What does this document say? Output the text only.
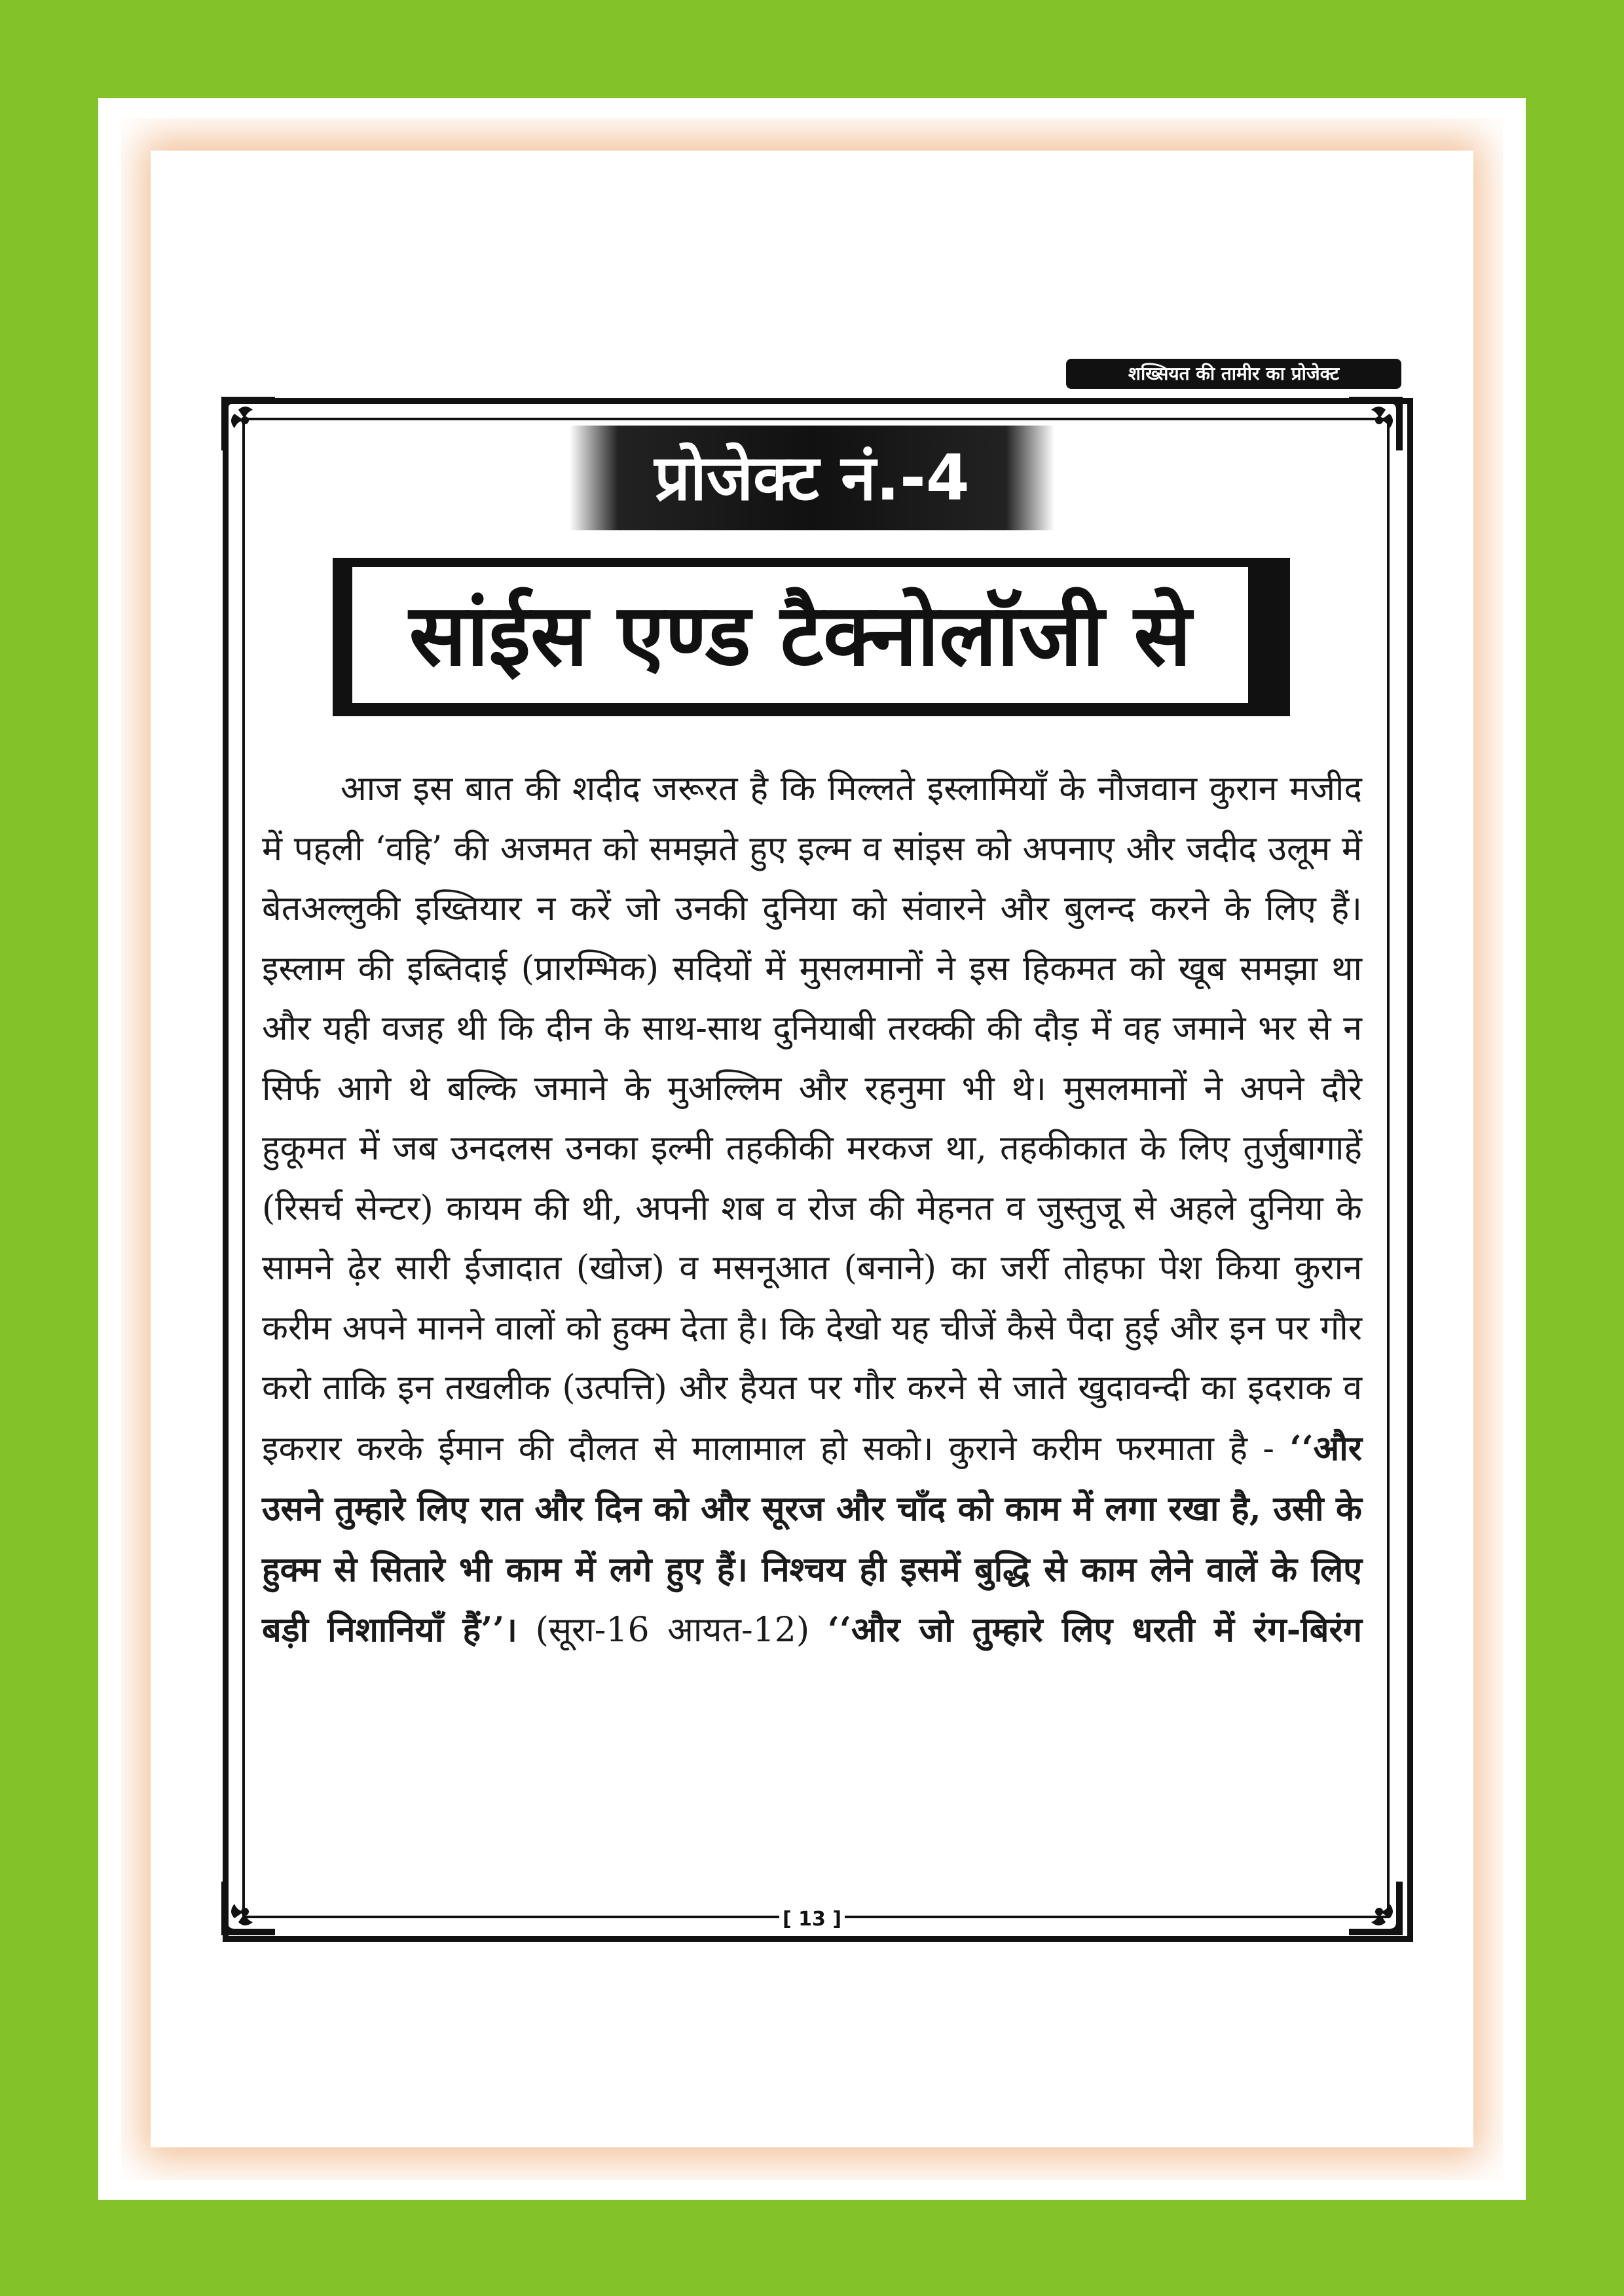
शख्सियत की तामीर का प्रोजेक्ट
प्रोजेक्ट नं.-4
सांईस एण्ड टैक्नोलॉजी से

आज इस बात की शदीद जरूरत है कि मिल्लते इस्लामियाँ के नौजवान कुरान मजीद में पहली ‘वहि’ की अजमत को समझते हुए इल्म व सांइस को अपनाए और जदीद उलूम में बेतअल्लुकी इख्तियार न करें जो उनकी दुनिया को संवारने और बुलन्द करने के लिए हैं। इस्लाम की इब्तिदाई (प्रारम्भिक) सदियों में मुसलमानों ने इस हिकमत को खूब समझा था और यही वजह थी कि दीन के साथ-साथ दुनियाबी तरक्की की दौड़ में वह जमाने भर से न सिर्फ आगे थे बल्कि जमाने के मुअल्लिम और रहनुमा भी थे। मुसलमानों ने अपने दौरे हुकूमत में जब उनदलस उनका इल्मी तहकीकी मरकज था, तहकीकात के लिए तुर्जुबागाहें (रिसर्च सेन्टर) कायम की थी, अपनी शब व रोज की मेहनत व जुस्तुजू से अहले दुनिया के सामने ढ़ेर सारी ईजादात (खोज) व मसनूआत (बनाने) का जर्री तोहफा पेश किया कुरान करीम अपने मानने वालों को हुक्म देता है। कि देखो यह चीजें कैसे पैदा हुई और इन पर गौर करो ताकि इन तखलीक (उत्पत्ति) और हैयत पर गौर करने से जाते खुदावन्दी का इदराक व इकरार करके ईमान की दौलत से मालामाल हो सको। कुराने करीम फरमाता है - ‘‘और उसने तुम्हारे लिए रात और दिन को और सूरज और चाँद को काम में लगा रखा है, उसी के हुक्म से सितारे भी काम में लगे हुए हैं। निश्चय ही इसमें बुद्धि से काम लेने वालें के लिए बड़ी निशानियाँ हैं’’। (सूरा-16 आयत-12) ‘‘और जो तुम्हारे लिए धरती में रंग-बिरंग

[ 13 ]
